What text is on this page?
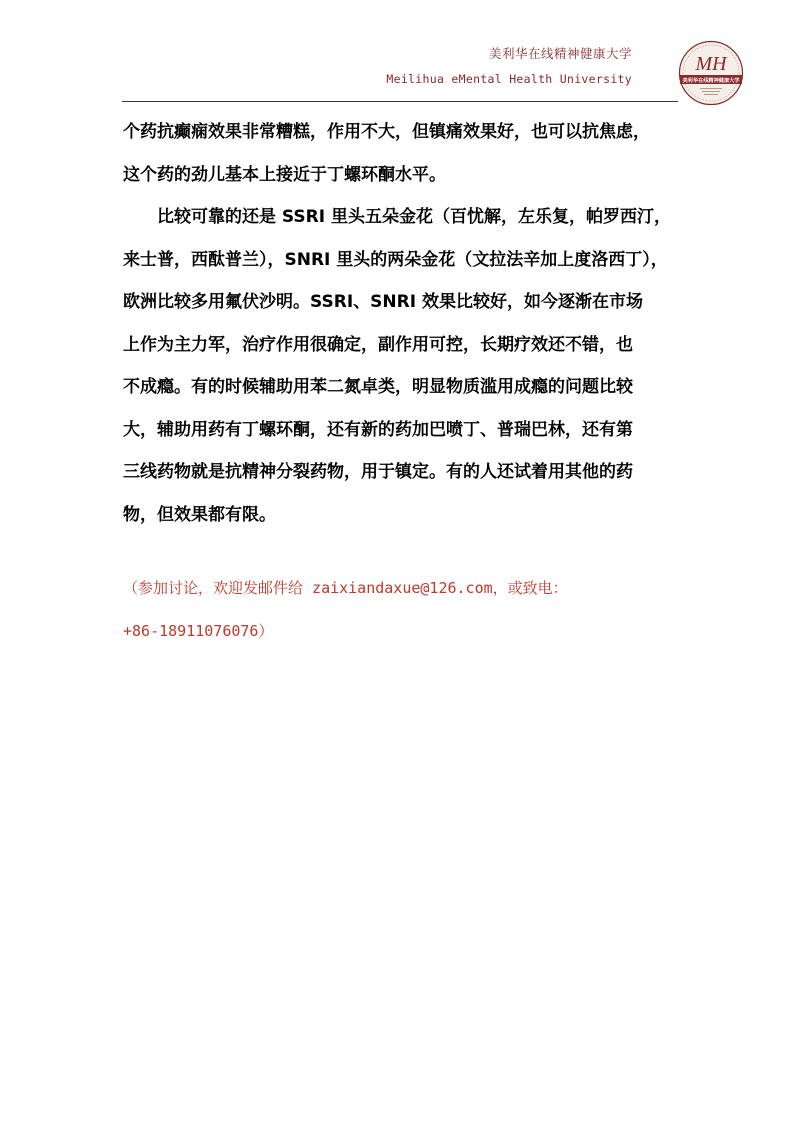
美利华在线精神健康大学
Meilihua eMental Health University
MH
美利华在线精神健康大学
个药抗癫痫效果非常糟糕，作用不大，但镇痛效果好，也可以抗焦虑，
这个药的劲儿基本上接近于丁螺环酮水平。
　　比较可靠的还是 SSRI 里头五朵金花（百忧解，左乐复，帕罗西汀，
来士普，西酞普兰），SNRI 里头的两朵金花（文拉法辛加上度洛西丁），
欧洲比较多用氟伏沙明。SSRI、SNRI 效果比较好，如今逐渐在市场
上作为主力军，治疗作用很确定，副作用可控，长期疗效还不错，也
不成瘾。有的时候辅助用苯二氮卓类，明显物质滥用成瘾的问题比较
大，辅助用药有丁螺环酮，还有新的药加巴喷丁、普瑞巴林，还有第
三线药物就是抗精神分裂药物，用于镇定。有的人还试着用其他的药
物，但效果都有限。
（参加讨论，欢迎发邮件给 zaixiandaxue@126.com，或致电：
+86-18911076076）
